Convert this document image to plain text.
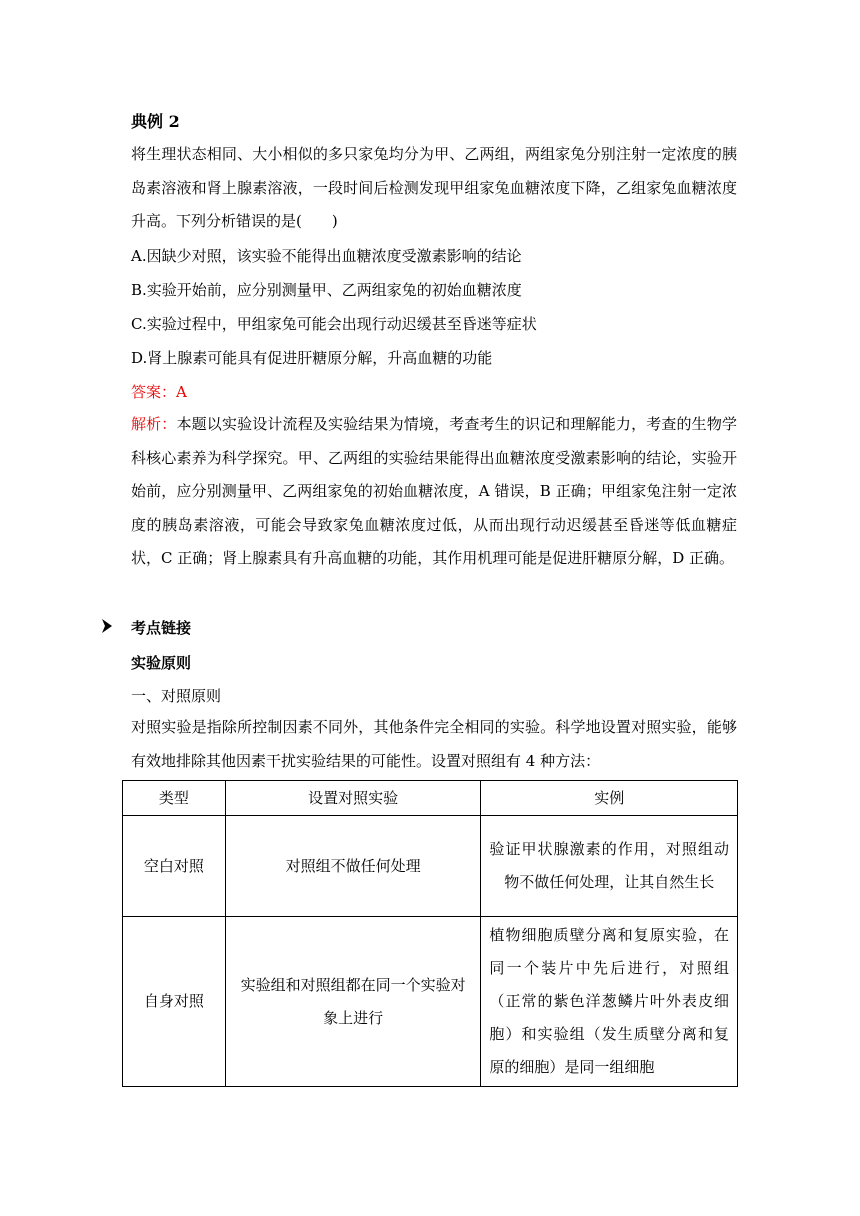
典例 2
将生理状态相同、大小相似的多只家兔均分为甲、乙两组，两组家兔分别注射一定浓度的胰岛素溶液和肾上腺素溶液，一段时间后检测发现甲组家兔血糖浓度下降，乙组家兔血糖浓度升高。下列分析错误的是(　　)
A.因缺少对照，该实验不能得出血糖浓度受激素影响的结论
B.实验开始前，应分别测量甲、乙两组家兔的初始血糖浓度
C.实验过程中，甲组家兔可能会出现行动迟缓甚至昏迷等症状
D.肾上腺素可能具有促进肝糖原分解，升高血糖的功能
答案：A
解析：本题以实验设计流程及实验结果为情境，考查考生的识记和理解能力，考查的生物学科核心素养为科学探究。甲、乙两组的实验结果能得出血糖浓度受激素影响的结论，实验开始前，应分别测量甲、乙两组家兔的初始血糖浓度，A 错误，B 正确；甲组家兔注射一定浓度的胰岛素溶液，可能会导致家兔血糖浓度过低，从而出现行动迟缓甚至昏迷等低血糖症状，C 正确；肾上腺素具有升高血糖的功能，其作用机理可能是促进肝糖原分解，D 正确。
考点链接
实验原则
一、对照原则
对照实验是指除所控制因素不同外，其他条件完全相同的实验。科学地设置对照实验，能够有效地排除其他因素干扰实验结果的可能性。设置对照组有 4 种方法：
类型	设置对照实验	实例
空白对照	对照组不做任何处理	验证甲状腺激素的作用，对照组动物不做任何处理，让其自然生长
自身对照	实验组和对照组都在同一个实验对象上进行	植物细胞质壁分离和复原实验，在同一个装片中先后进行，对照组（正常的紫色洋葱鳞片叶外表皮细胞）和实验组（发生质壁分离和复原的细胞）是同一组细胞
